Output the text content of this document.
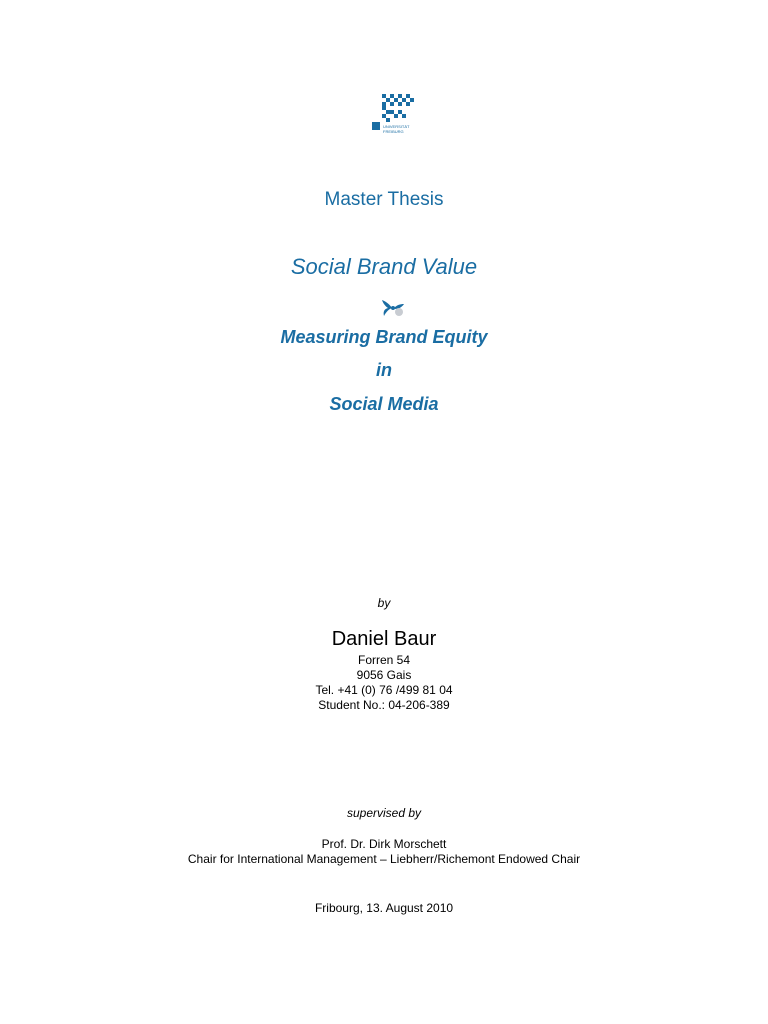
UNIVERSITÄT
FREIBURG
Master Thesis
Social Brand Value
Measuring Brand Equity
in
Social Media
by
Daniel Baur
Forren 54
9056 Gais
Tel. +41 (0) 76 /499 81 04
Student No.: 04-206-389
supervised by
Prof. Dr. Dirk Morschett
Chair for International Management – Liebherr/Richemont Endowed Chair
Fribourg, 13. August 2010
